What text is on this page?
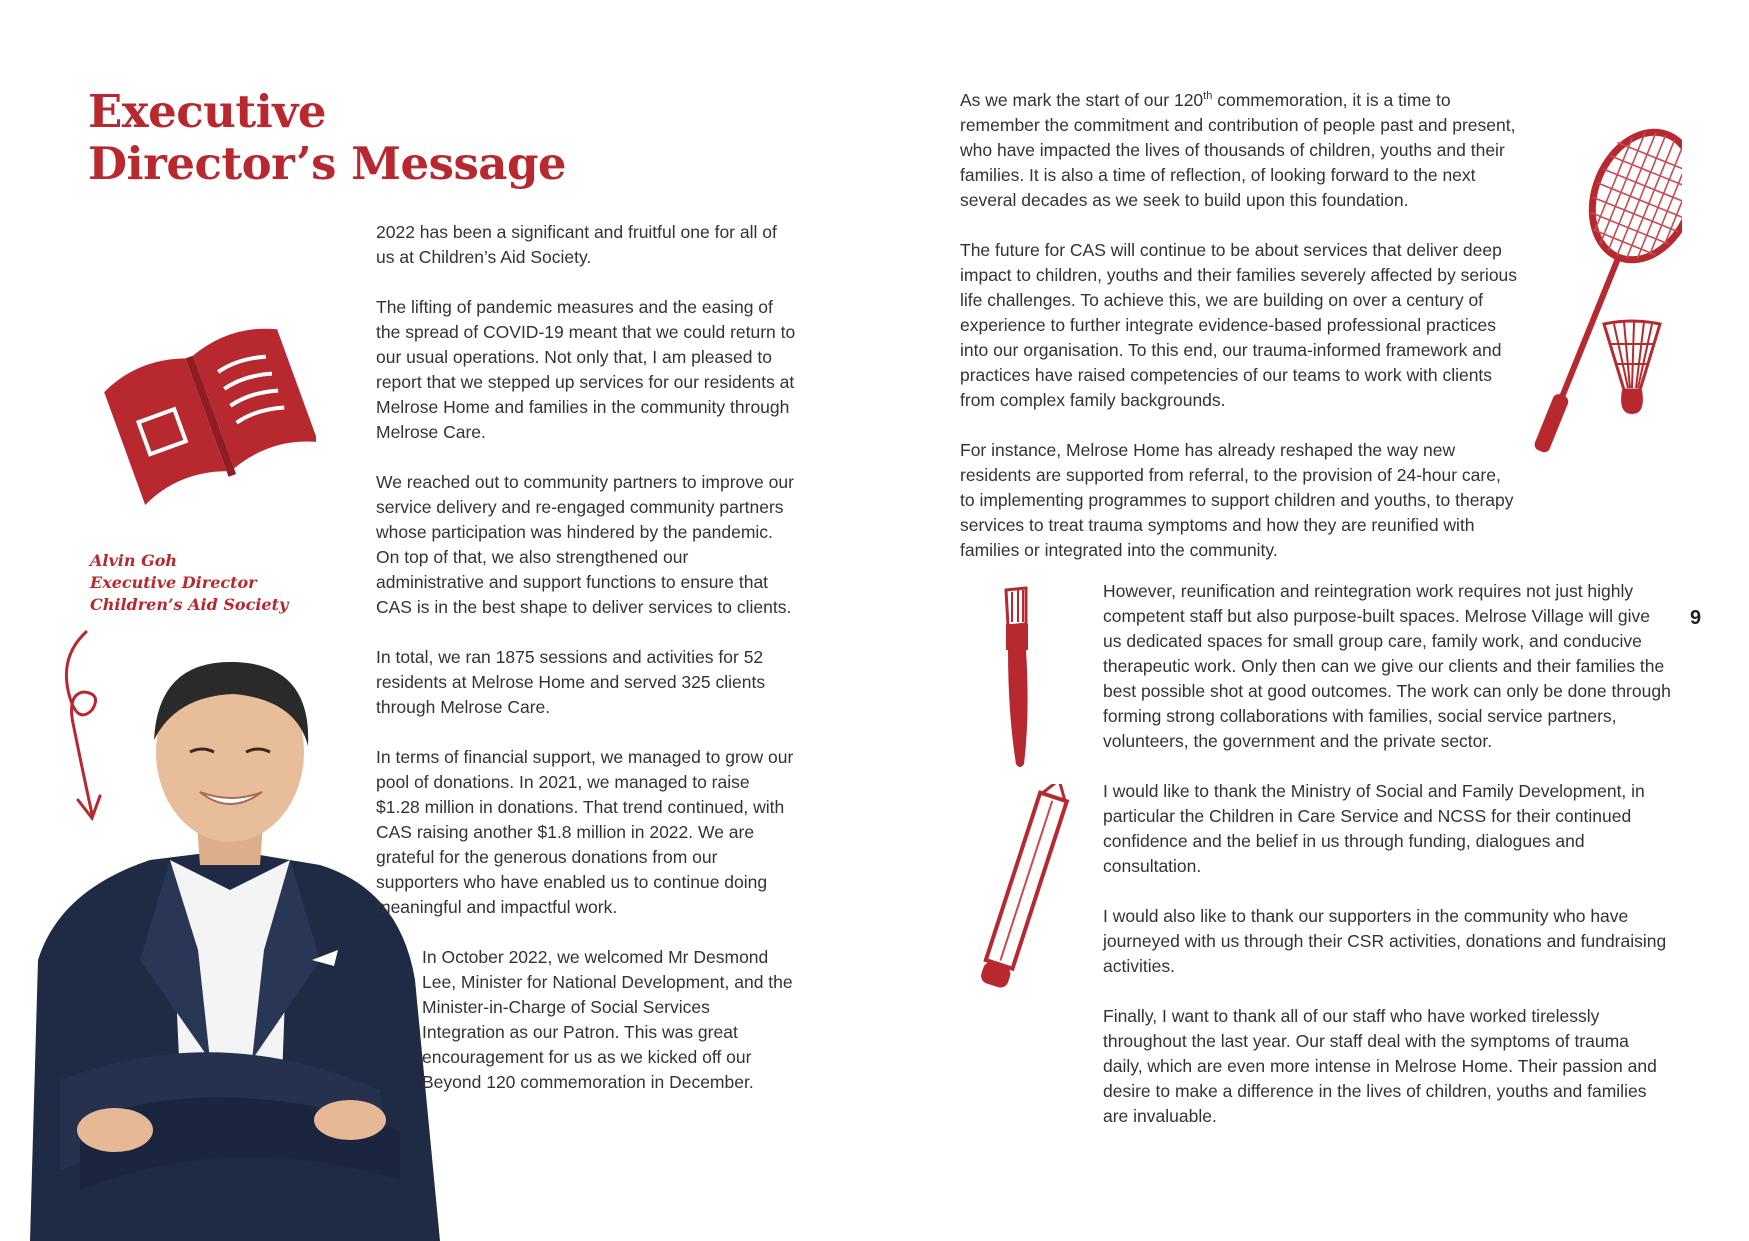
Executive
Director’s Message
Alvin Goh
Executive Director
Children’s Aid Society

2022 has been a significant and fruitful one for all of us at Children’s Aid Society.

The lifting of pandemic measures and the easing of the spread of COVID-19 meant that we could return to our usual operations. Not only that, I am pleased to report that we stepped up services for our residents at Melrose Home and families in the community through Melrose Care.

We reached out to community partners to improve our service delivery and re-engaged community partners whose participation was hindered by the pandemic. On top of that, we also strengthened our administrative and support functions to ensure that CAS is in the best shape to deliver services to clients.

In total, we ran 1875 sessions and activities for 52 residents at Melrose Home and served 325 clients through Melrose Care.

In terms of financial support, we managed to grow our pool of donations. In 2021, we managed to raise $1.28 million in donations. That trend continued, with CAS raising another $1.8 million in 2022. We are grateful for the generous donations from our supporters who have enabled us to continue doing meaningful and impactful work.

In October 2022, we welcomed Mr Desmond Lee, Minister for National Development, and the Minister-in-Charge of Social Services Integration as our Patron. This was great encouragement for us as we kicked off our Beyond 120 commemoration in December.

As we mark the start of our 120th commemoration, it is a time to remember the commitment and contribution of people past and present, who have impacted the lives of thousands of children, youths and their families. It is also a time of reflection, of looking forward to the next several decades as we seek to build upon this foundation.

The future for CAS will continue to be about services that deliver deep impact to children, youths and their families severely affected by serious life challenges. To achieve this, we are building on over a century of experience to further integrate evidence-based professional practices into our organisation. To this end, our trauma-informed framework and practices have raised competencies of our teams to work with clients from complex family backgrounds.

For instance, Melrose Home has already reshaped the way new residents are supported from referral, to the provision of 24-hour care, to implementing programmes to support children and youths, to therapy services to treat trauma symptoms and how they are reunified with families or integrated into the community.

However, reunification and reintegration work requires not just highly competent staff but also purpose-built spaces. Melrose Village will give us dedicated spaces for small group care, family work, and conducive therapeutic work. Only then can we give our clients and their families the best possible shot at good outcomes. The work can only be done through forming strong collaborations with families, social service partners, volunteers, the government and the private sector.

I would like to thank the Ministry of Social and Family Development, in particular the Children in Care Service and NCSS for their continued confidence and the belief in us through funding, dialogues and consultation.

I would also like to thank our supporters in the community who have journeyed with us through their CSR activities, donations and fundraising activities.

Finally, I want to thank all of our staff who have worked tirelessly throughout the last year. Our staff deal with the symptoms of trauma daily, which are even more intense in Melrose Home. Their passion and desire to make a difference in the lives of children, youths and families are invaluable.

9
